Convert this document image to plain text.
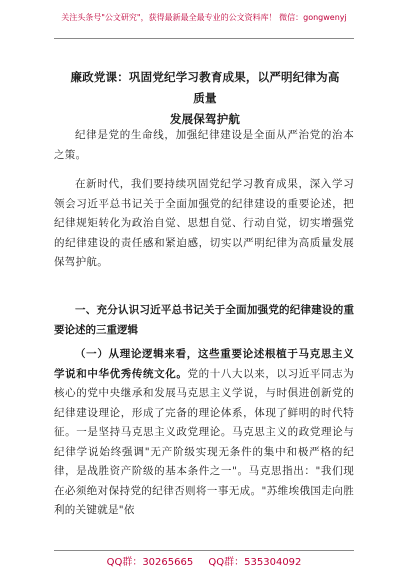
关注头条号"公文研究"，获得最新最全最专业的公文资料库！ 微信：gongwenyj
廉政党课：巩固党纪学习教育成果，以严明纪律为高质量
发展保驾护航
纪律是党的生命线，加强纪律建设是全面从严治党的治本之策。
在新时代，我们要持续巩固党纪学习教育成果，深入学习领会习近平总书记关于全面加强党的纪律建设的重要论述，把纪律规矩转化为政治自觉、思想自觉、行动自觉，切实增强党的纪律建设的责任感和紧迫感，切实以严明纪律为高质量发展保驾护航。
一、充分认识习近平总书记关于全面加强党的纪律建设的重要论述的三重逻辑
（一）从理论逻辑来看，这些重要论述根植于马克思主义学说和中华优秀传统文化。党的十八大以来，以习近平同志为核心的党中央继承和发展马克思主义学说，与时俱进创新党的纪律建设理论，形成了完备的理论体系，体现了鲜明的时代特征。一是坚持马克思主义政党理论。马克思主义的政党理论与纪律学说始终强调"无产阶级实现无条件的集中和极严格的纪律，是战胜资产阶级的基本条件之一"。马克思指出："我们现在必须绝对保持党的纪律否则将一事无成。"苏维埃俄国走向胜利的关键就是"依
QQ群：30265665 QQ群：535304092
